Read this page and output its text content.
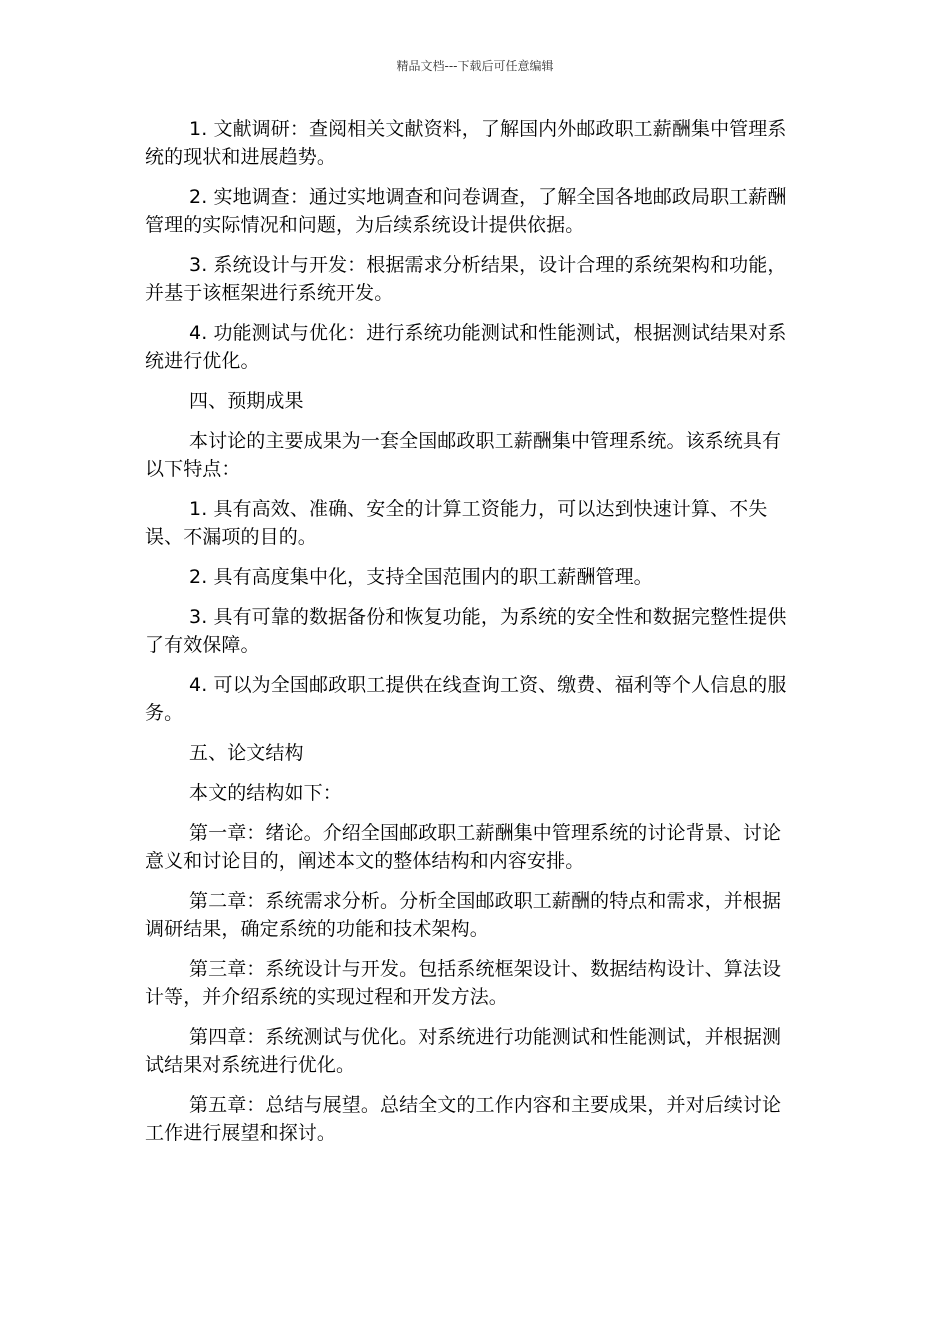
精品文档---下载后可任意编辑

1. 文献调研：查阅相关文献资料，了解国内外邮政职工薪酬集中管理系统的现状和进展趋势。

2. 实地调查：通过实地调查和问卷调查，了解全国各地邮政局职工薪酬管理的实际情况和问题，为后续系统设计提供依据。

3. 系统设计与开发：根据需求分析结果，设计合理的系统架构和功能，并基于该框架进行系统开发。

4. 功能测试与优化：进行系统功能测试和性能测试，根据测试结果对系统进行优化。

四、预期成果

本讨论的主要成果为一套全国邮政职工薪酬集中管理系统。该系统具有以下特点：

1. 具有高效、准确、安全的计算工资能力，可以达到快速计算、不失误、不漏项的目的。

2. 具有高度集中化，支持全国范围内的职工薪酬管理。

3. 具有可靠的数据备份和恢复功能，为系统的安全性和数据完整性提供了有效保障。

4. 可以为全国邮政职工提供在线查询工资、缴费、福利等个人信息的服务。

五、论文结构

本文的结构如下：

第一章：绪论。介绍全国邮政职工薪酬集中管理系统的讨论背景、讨论意义和讨论目的，阐述本文的整体结构和内容安排。

第二章：系统需求分析。分析全国邮政职工薪酬的特点和需求，并根据调研结果，确定系统的功能和技术架构。

第三章：系统设计与开发。包括系统框架设计、数据结构设计、算法设计等，并介绍系统的实现过程和开发方法。

第四章：系统测试与优化。对系统进行功能测试和性能测试，并根据测试结果对系统进行优化。

第五章：总结与展望。总结全文的工作内容和主要成果，并对后续讨论工作进行展望和探讨。
